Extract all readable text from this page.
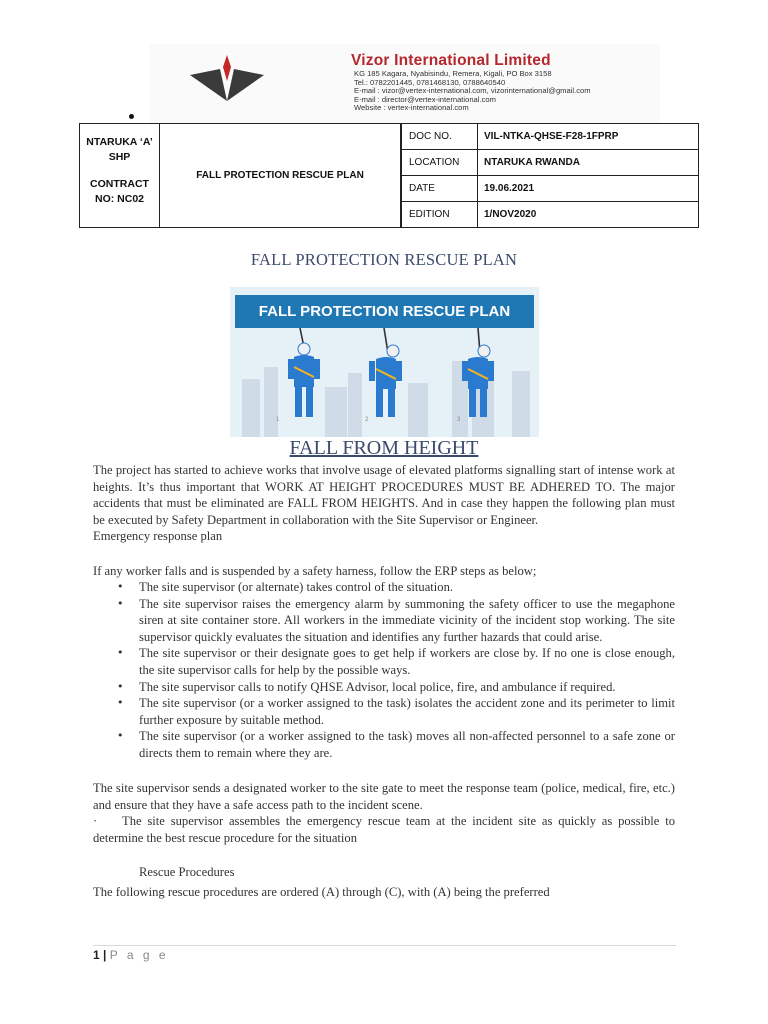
Vizor International Limited
KG 185 Kagara, Nyabisindu, Remera, Kigali, PO Box 3158
Tel.: 0782201445, 0781468130, 0788640540
E-mail : vizor@vertex-international.com, vizorinternational@gmail.com
E-mail : director@vertex-international.com
Website : vertex-international.com
NTARUKA ‘A’ SHP
CONTRACT NO: NC02	FALL PROTECTION RESCUE PLAN		DOC NO.	VIL-NTKA-QHSE-F28-1FPRP
		LOCATION	NTARUKA RWANDA
		DATE	19.06.2021
		EDITION	1/NOV2020
FALL PROTECTION RESCUE PLAN
FALL PROTECTION RESCUE PLAN
1	2	3
FALL FROM HEIGHT
The project has started to achieve works that involve usage of elevated platforms signalling start of intense work at heights. It’s thus important that WORK AT HEIGHT PROCEDURES MUST BE ADHERED TO. The major accidents that must be eliminated are FALL FROM HEIGHTS. And in case they happen the following plan must be executed by Safety Department in collaboration with the Site Supervisor or Engineer.
Emergency response plan
If any worker falls and is suspended by a safety harness, follow the ERP steps as below;
• The site supervisor (or alternate) takes control of the situation.
• The site supervisor raises the emergency alarm by summoning the safety officer to use the megaphone siren at site container store. All workers in the immediate vicinity of the incident stop working. The site supervisor quickly evaluates the situation and identifies any further hazards that could arise.
• The site supervisor or their designate goes to get help if workers are close by. If no one is close enough, the site supervisor calls for help by the possible ways.
• The site supervisor calls to notify QHSE Advisor, local police, fire, and ambulance if required.
• The site supervisor (or a worker assigned to the task) isolates the accident zone and its perimeter to limit further exposure by suitable method.
• The site supervisor (or a worker assigned to the task) moves all non-affected personnel to a safe zone or directs them to remain where they are.
The site supervisor sends a designated worker to the site gate to meet the response team (police, medical, fire, etc.) and ensure that they have a safe access path to the incident scene.
· The site supervisor assembles the emergency rescue team at the incident site as quickly as possible to determine the best rescue procedure for the situation
Rescue Procedures
The following rescue procedures are ordered (A) through (C), with (A) being the preferred
1 | P a g e
